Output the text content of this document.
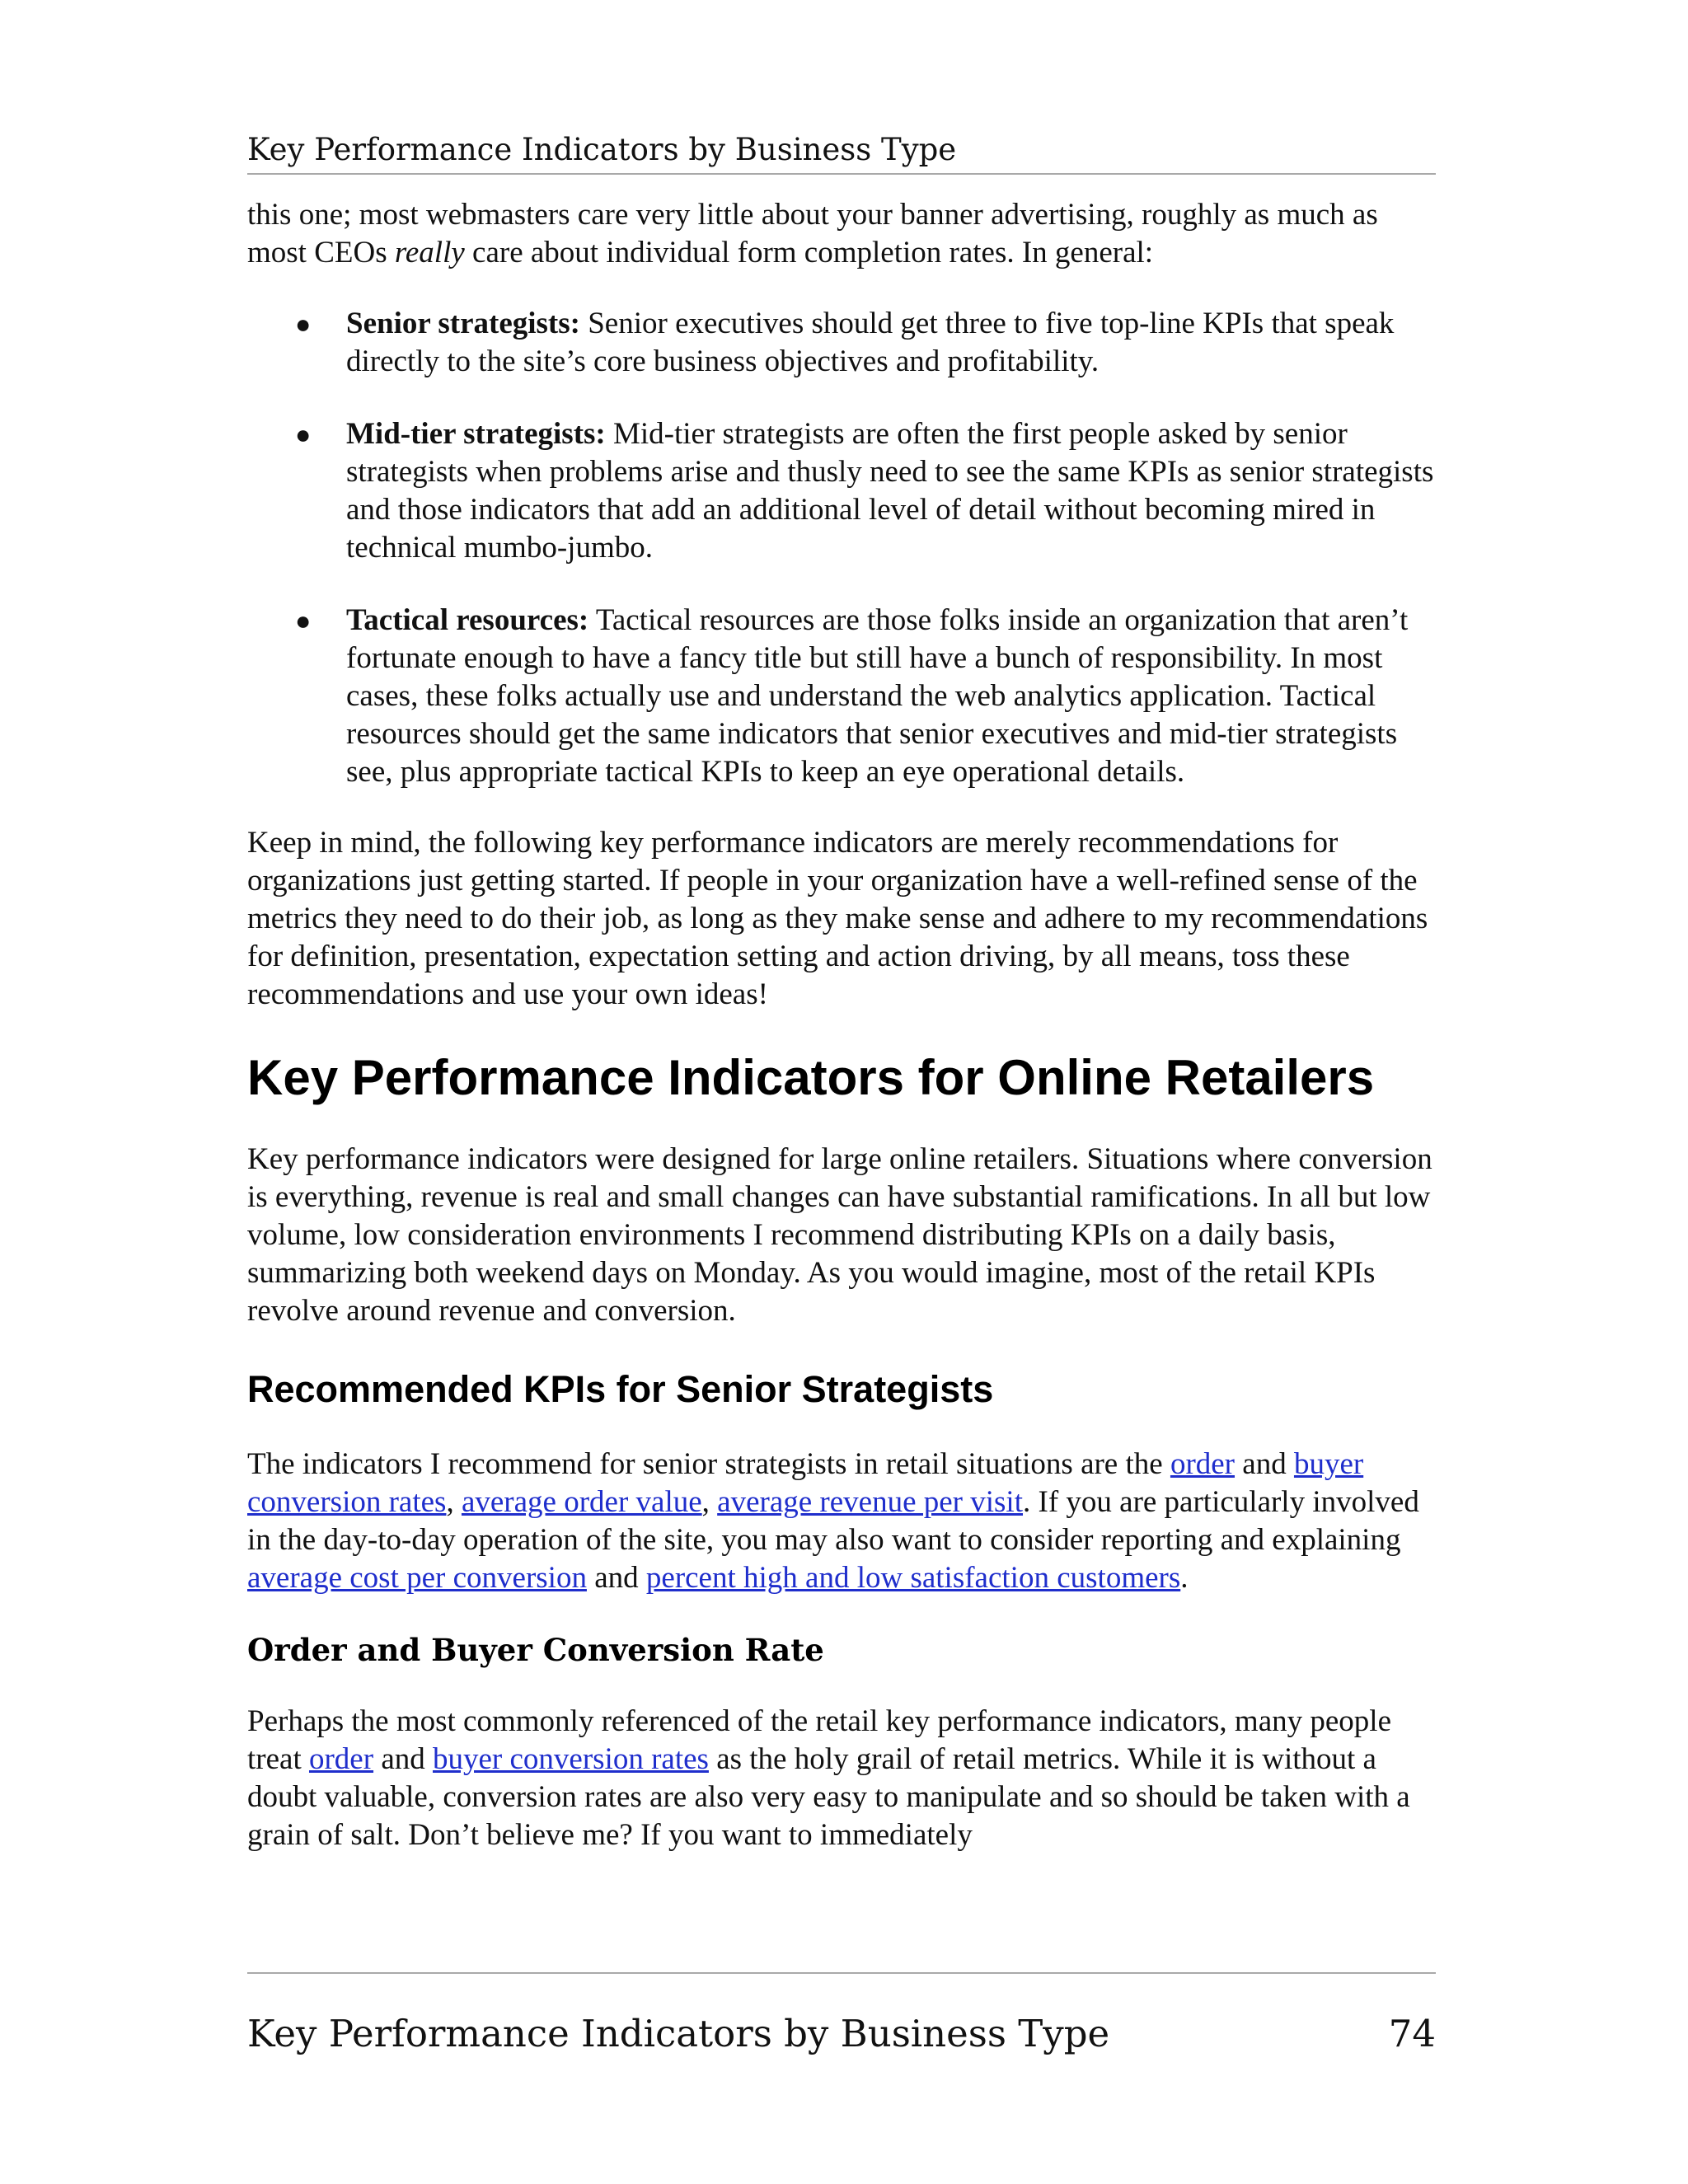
Key Performance Indicators by Business Type

this one; most webmasters care very little about your banner advertising, roughly as much as most CEOs really care about individual form completion rates. In general:

● Senior strategists: Senior executives should get three to five top-line KPIs that speak directly to the site’s core business objectives and profitability.
● Mid-tier strategists: Mid-tier strategists are often the first people asked by senior strategists when problems arise and thusly need to see the same KPIs as senior strategists and those indicators that add an additional level of detail without becoming mired in technical mumbo-jumbo.
● Tactical resources: Tactical resources are those folks inside an organization that aren’t fortunate enough to have a fancy title but still have a bunch of responsibility. In most cases, these folks actually use and understand the web analytics application. Tactical resources should get the same indicators that senior executives and mid-tier strategists see, plus appropriate tactical KPIs to keep an eye operational details.

Keep in mind, the following key performance indicators are merely recommendations for organizations just getting started. If people in your organization have a well-refined sense of the metrics they need to do their job, as long as they make sense and adhere to my recommendations for definition, presentation, expectation setting and action driving, by all means, toss these recommendations and use your own ideas!

Key Performance Indicators for Online Retailers

Key performance indicators were designed for large online retailers. Situations where conversion is everything, revenue is real and small changes can have substantial ramifications. In all but low volume, low consideration environments I recommend distributing KPIs on a daily basis, summarizing both weekend days on Monday. As you would imagine, most of the retail KPIs revolve around revenue and conversion.

Recommended KPIs for Senior Strategists

The indicators I recommend for senior strategists in retail situations are the order and buyer conversion rates, average order value, average revenue per visit. If you are particularly involved in the day-to-day operation of the site, you may also want to consider reporting and explaining average cost per conversion and percent high and low satisfaction customers.

Order and Buyer Conversion Rate

Perhaps the most commonly referenced of the retail key performance indicators, many people treat order and buyer conversion rates as the holy grail of retail metrics. While it is without a doubt valuable, conversion rates are also very easy to manipulate and so should be taken with a grain of salt. Don’t believe me? If you want to immediately

Key Performance Indicators by Business Type	74
